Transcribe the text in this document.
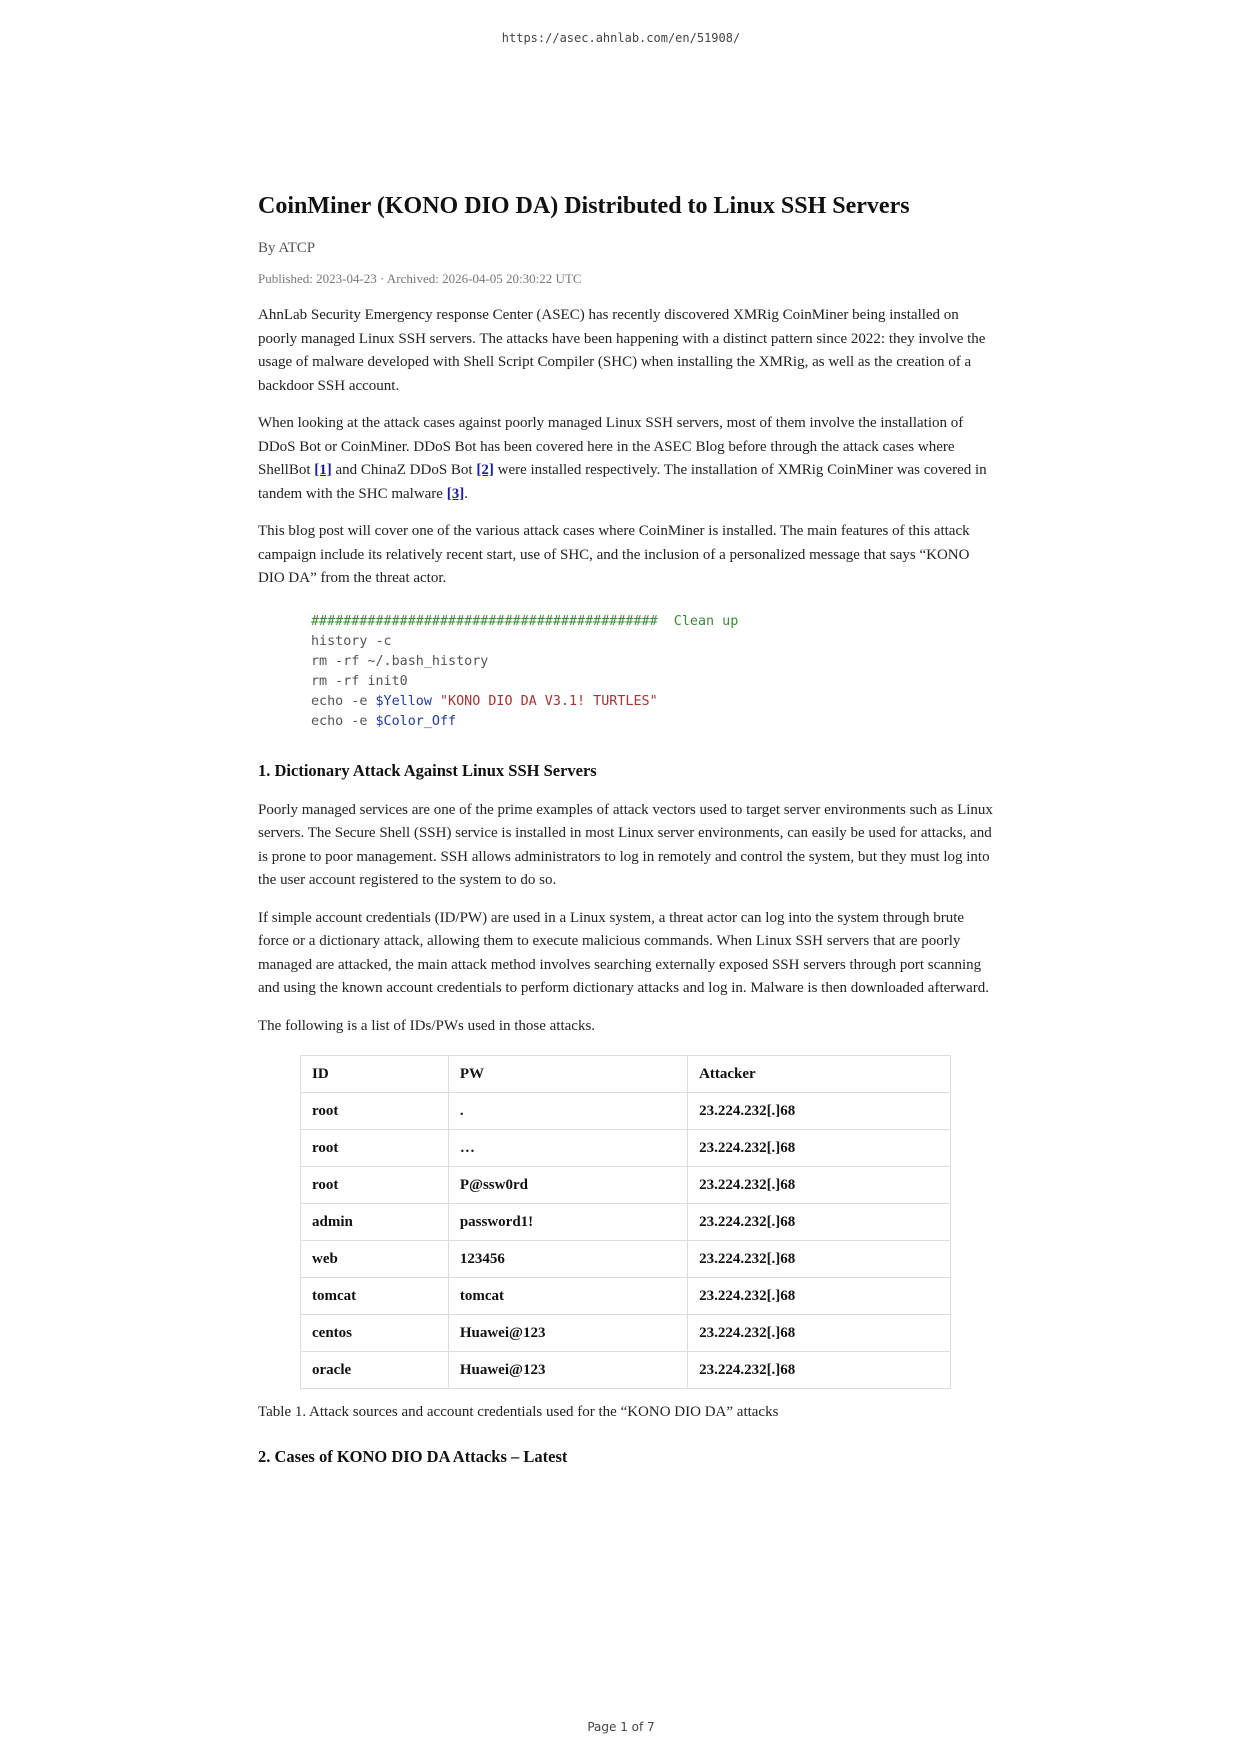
https://asec.ahnlab.com/en/51908/
CoinMiner (KONO DIO DA) Distributed to Linux SSH Servers
By ATCP
Published: 2023-04-23 · Archived: 2026-04-05 20:30:22 UTC

AhnLab Security Emergency response Center (ASEC) has recently discovered XMRig CoinMiner being installed on poorly managed Linux SSH servers. The attacks have been happening with a distinct pattern since 2022: they involve the usage of malware developed with Shell Script Compiler (SHC) when installing the XMRig, as well as the creation of a backdoor SSH account.

When looking at the attack cases against poorly managed Linux SSH servers, most of them involve the installation of DDoS Bot or CoinMiner. DDoS Bot has been covered here in the ASEC Blog before through the attack cases where ShellBot [1] and ChinaZ DDoS Bot [2] were installed respectively. The installation of XMRig CoinMiner was covered in tandem with the SHC malware [3].

This blog post will cover one of the various attack cases where CoinMiner is installed. The main features of this attack campaign include its relatively recent start, use of SHC, and the inclusion of a personalized message that says “KONO DIO DA” from the threat actor.

###########################################  Clean up
history -c
rm -rf ~/.bash_history
rm -rf init0
echo -e $Yellow "KONO DIO DA V3.1! TURTLES"
echo -e $Color_Off
1. Dictionary Attack Against Linux SSH Servers

Poorly managed services are one of the prime examples of attack vectors used to target server environments such as Linux servers. The Secure Shell (SSH) service is installed in most Linux server environments, can easily be used for attacks, and is prone to poor management. SSH allows administrators to log in remotely and control the system, but they must log into the user account registered to the system to do so.

If simple account credentials (ID/PW) are used in a Linux system, a threat actor can log into the system through brute force or a dictionary attack, allowing them to execute malicious commands. When Linux SSH servers that are poorly managed are attacked, the main attack method involves searching externally exposed SSH servers through port scanning and using the known account credentials to perform dictionary attacks and log in. Malware is then downloaded afterward.

The following is a list of IDs/PWs used in those attacks.

ID	PW	Attacker
root	.	23.224.232[.]68
root	…	23.224.232[.]68
root	P@ssw0rd	23.224.232[.]68
admin	password1!	23.224.232[.]68
web	123456	23.224.232[.]68
tomcat	tomcat	23.224.232[.]68
centos	Huawei@123	23.224.232[.]68
oracle	Huawei@123	23.224.232[.]68
Table 1. Attack sources and account credentials used for the “KONO DIO DA” attacks
2. Cases of KONO DIO DA Attacks – Latest
Page 1 of 7
